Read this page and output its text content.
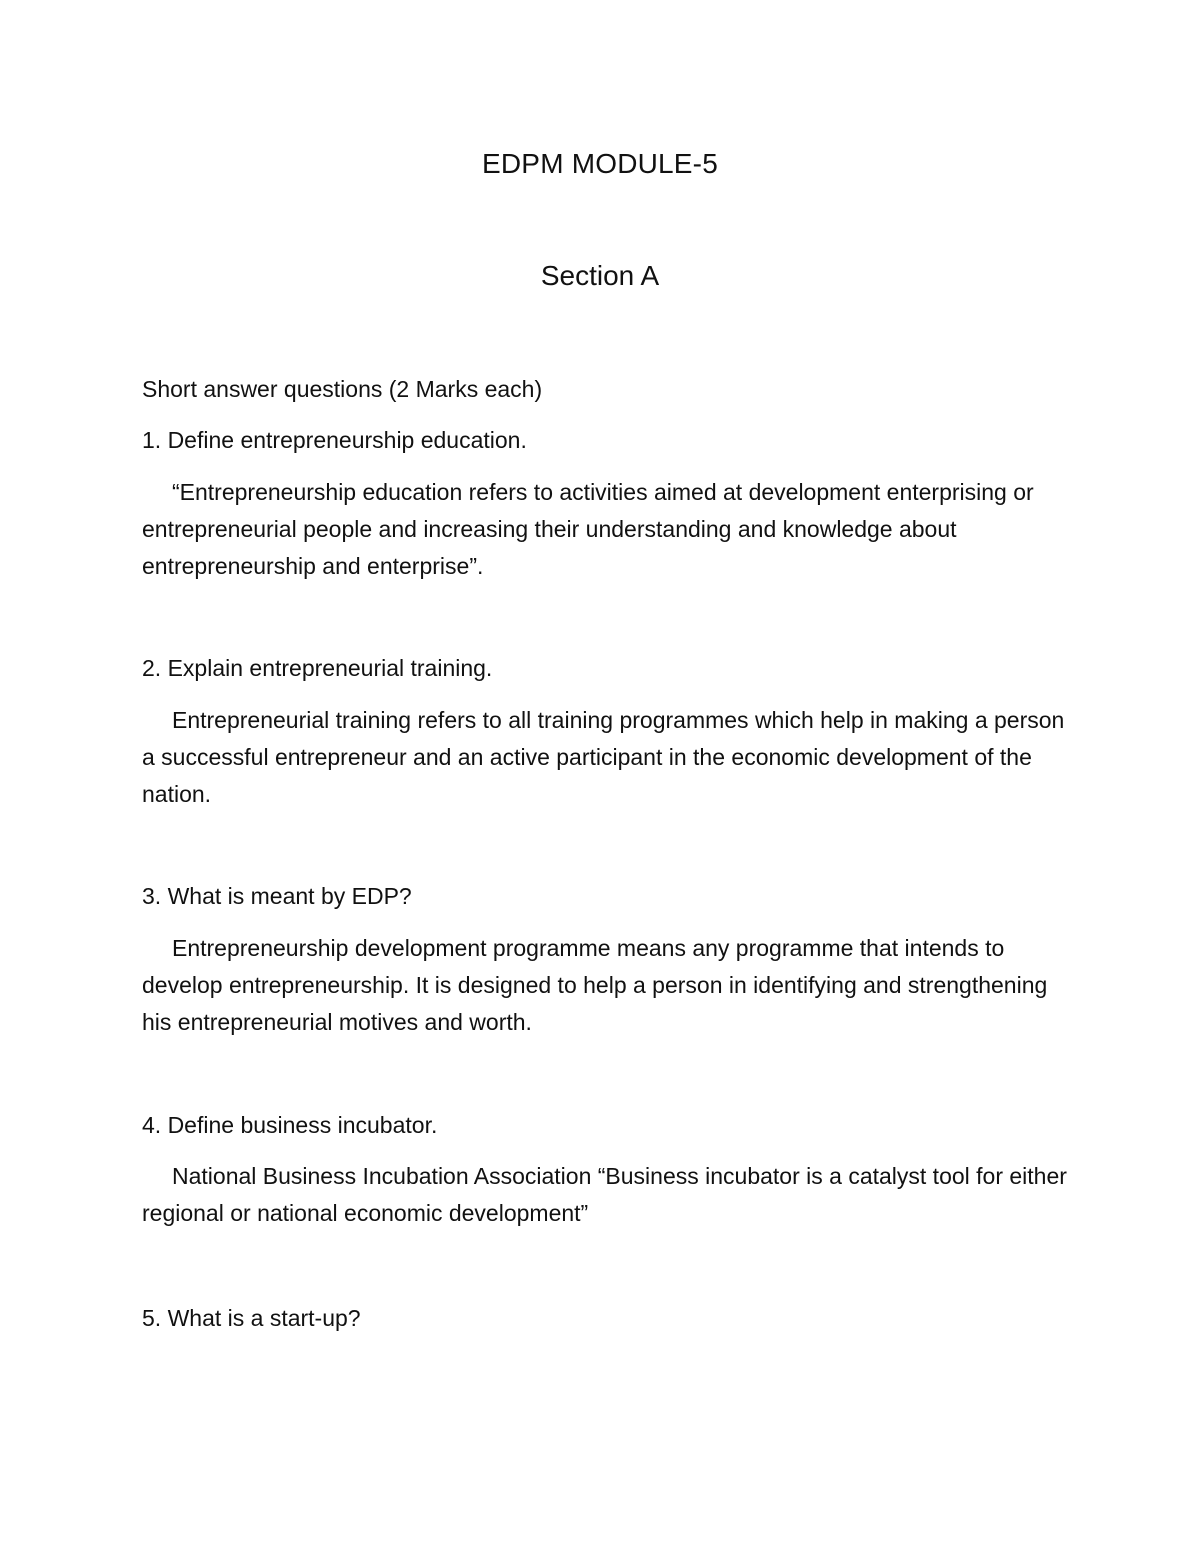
EDPM MODULE-5
Section A

Short answer questions (2 Marks each)

1. Define entrepreneurship education.

“Entrepreneurship education refers to activities aimed at development enterprising or entrepreneurial people and increasing their understanding and knowledge about entrepreneurship and enterprise”.

2. Explain entrepreneurial training.

Entrepreneurial training refers to all training programmes which help in making a person a successful entrepreneur and an active participant in the economic development of the nation.

3. What is meant by EDP?

Entrepreneurship development programme means any programme that intends to develop entrepreneurship. It is designed to help a person in identifying and strengthening his entrepreneurial motives and worth.

4. Define business incubator.

National Business Incubation Association “Business incubator is a catalyst tool for either regional or national economic development”

5. What is a start-up?
